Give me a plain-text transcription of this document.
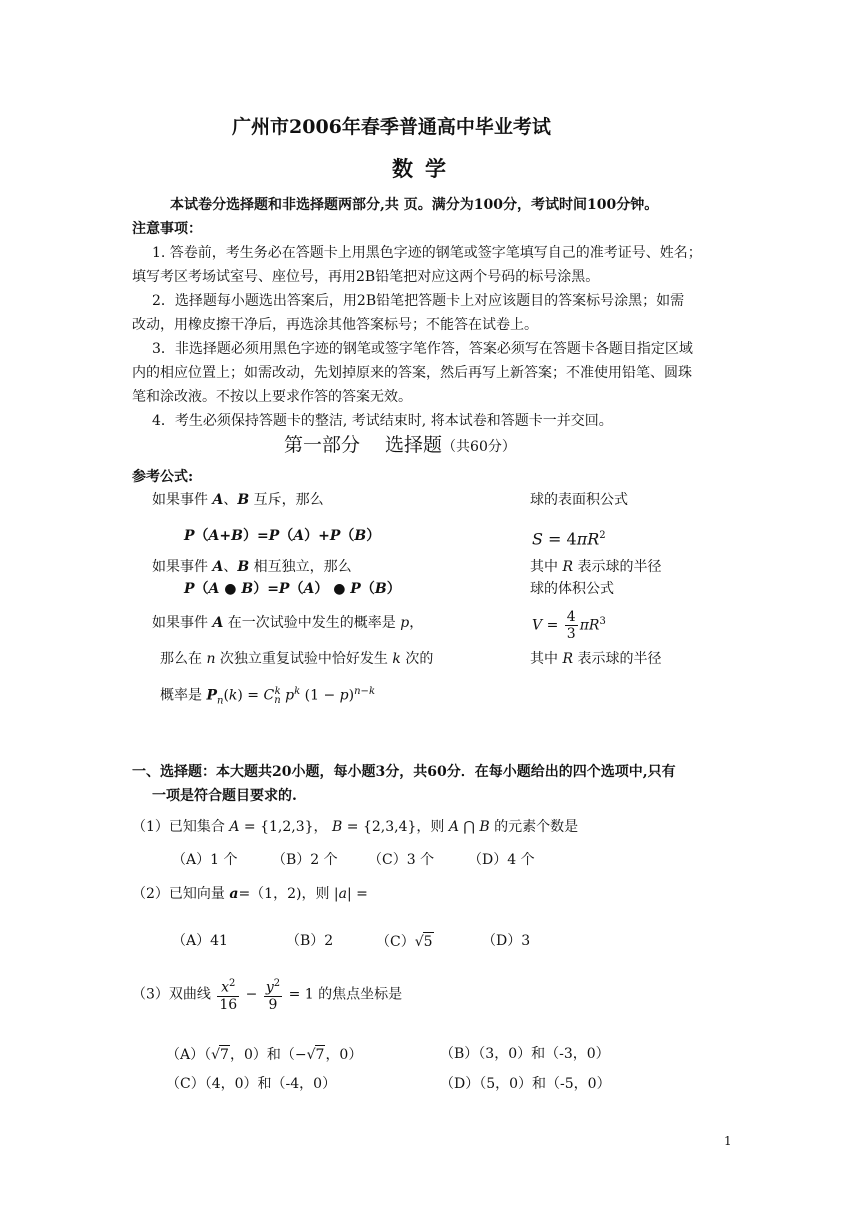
广州市2006年春季普通高中毕业考试
数学
本试卷分选择题和非选择题两部分,共 页。满分为100分，考试时间100分钟。
注意事项：
1. 答卷前，考生务必在答题卡上用黑色字迹的钢笔或签字笔填写自己的准考证号、姓名；
填写考区考场试室号、座位号，再用2B铅笔把对应这两个号码的标号涂黑。
2．选择题每小题选出答案后，用2B铅笔把答题卡上对应该题目的答案标号涂黑；如需
改动，用橡皮擦干净后，再选涂其他答案标号；不能答在试卷上。
3．非选择题必须用黑色字迹的钢笔或签字笔作答，答案必须写在答题卡各题目指定区域
内的相应位置上；如需改动，先划掉原来的答案，然后再写上新答案；不准使用铅笔、圆珠
笔和涂改液。不按以上要求作答的答案无效。
4．考生必须保持答题卡的整洁, 考试结束时, 将本试卷和答题卡一并交回。
第一部分　 选择题（共60分）
参考公式:
如果事件 A、B 互斥，那么
P（A+B）=P（A）+P（B）
如果事件 A、B 相互独立，那么
P（A ● B）=P（A） ● P（B）
如果事件 A 在一次试验中发生的概率是 p，
那么在 n 次独立重复试验中恰好发生 k 次的
概率是 $P_n(k) = C_n^k$ $p^k$ $(1 - p)^{n-k}$
球的表面积公式
$S = 4\pi R^2$
其中 R 表示球的半径
球的体积公式
$V = \frac{4}{3} \pi R^3$
其中 R 表示球的半径
一、选择题：本大题共20小题，每小题3分，共60分．在每小题给出的四个选项中,只有
一项是符合题目要求的.
（1）已知集合 A = {1,2,3}， B = {2,3,4}，则 A ⋂ B 的元素个数是
（A）1 个 （B）2 个 （C）3 个 （D）4 个
（2）已知向量 a=（1，2)，则 |a| =
（A）41	（B）2	（C）√5	（D）3
（3）双曲线 $\frac{x^2}{16} - \frac{y^2}{9} = 1$ 的焦点坐标是
（A）（√7，0）和（−√7，0）	（B）（3，0）和（-3，0）
（C）（4，0）和（-4，0）	（D）（5，0）和（-5，0）
1
